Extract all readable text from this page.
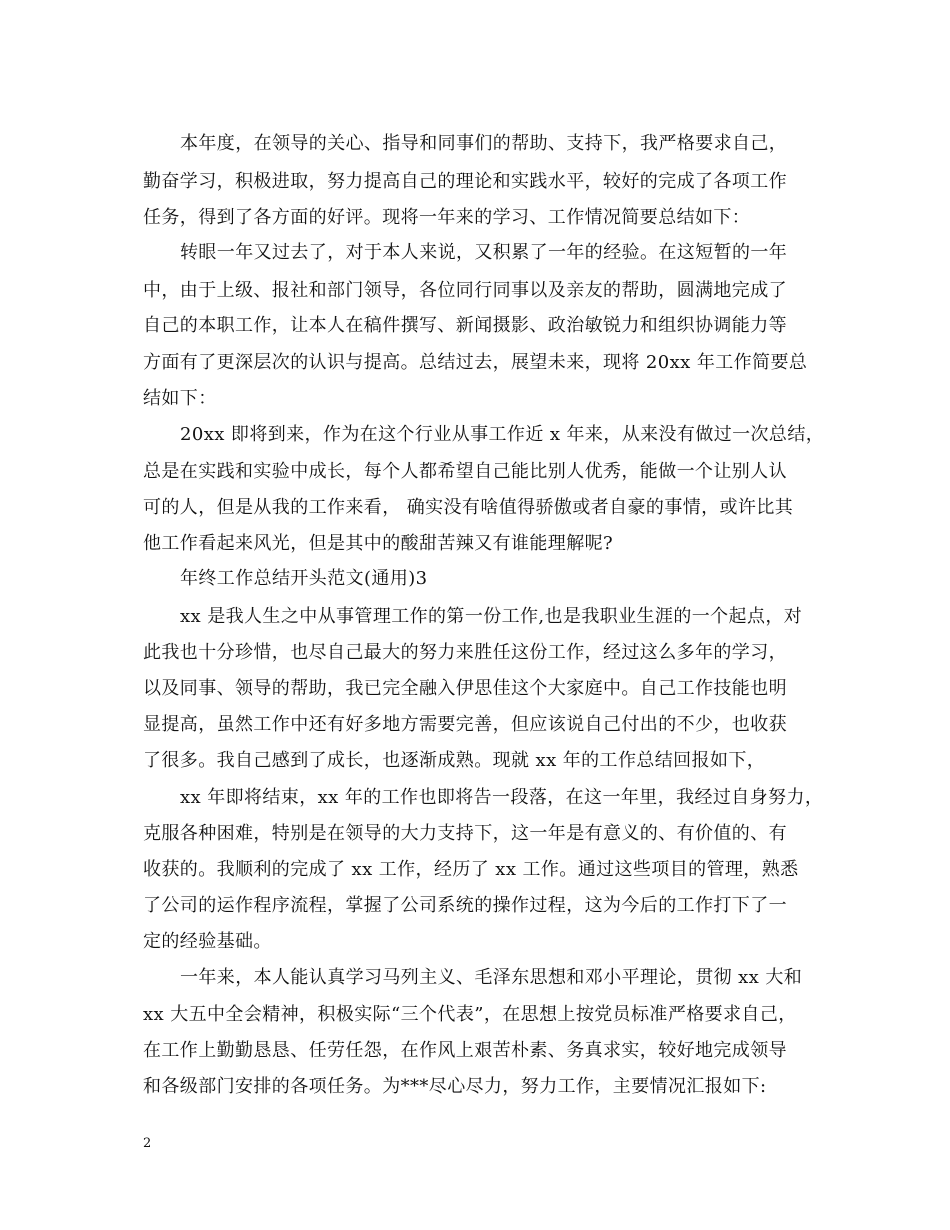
本年度，在领导的关心、指导和同事们的帮助、支持下，我严格要求自己，
勤奋学习，积极进取，努力提高自己的理论和实践水平，较好的完成了各项工作
任务，得到了各方面的好评。现将一年来的学习、工作情况简要总结如下：
转眼一年又过去了，对于本人来说，又积累了一年的经验。在这短暂的一年
中，由于上级、报社和部门领导，各位同行同事以及亲友的帮助，圆满地完成了
自己的本职工作，让本人在稿件撰写、新闻摄影、政治敏锐力和组织协调能力等
方面有了更深层次的认识与提高。总结过去，展望未来，现将 20xx 年工作简要总
结如下：
20xx 即将到来，作为在这个行业从事工作近 x 年来，从来没有做过一次总结，
总是在实践和实验中成长，每个人都希望自己能比别人优秀，能做一个让别人认
可的人，但是从我的工作来看， 确实没有啥值得骄傲或者自豪的事情，或许比其
他工作看起来风光，但是其中的酸甜苦辣又有谁能理解呢?
年终工作总结开头范文(通用)3
xx 是我人生之中从事管理工作的第一份工作,也是我职业生涯的一个起点，对
此我也十分珍惜，也尽自己最大的努力来胜任这份工作，经过这么多年的学习，
以及同事、领导的帮助，我已完全融入伊思佳这个大家庭中。自己工作技能也明
显提高，虽然工作中还有好多地方需要完善，但应该说自己付出的不少，也收获
了很多。我自己感到了成长，也逐渐成熟。现就 xx 年的工作总结回报如下，
xx 年即将结束，xx 年的工作也即将告一段落，在这一年里，我经过自身努力，
克服各种困难，特别是在领导的大力支持下，这一年是有意义的、有价值的、有
收获的。我顺利的完成了 xx 工作，经历了 xx 工作。通过这些项目的管理，熟悉
了公司的运作程序流程，掌握了公司系统的操作过程，这为今后的工作打下了一
定的经验基础。
一年来，本人能认真学习马列主义、毛泽东思想和邓小平理论，贯彻 xx 大和
xx 大五中全会精神，积极实际“三个代表”，在思想上按党员标准严格要求自己，
在工作上勤勤恳恳、任劳任怨，在作风上艰苦朴素、务真求实，较好地完成领导
和各级部门安排的各项任务。为***尽心尽力，努力工作，主要情况汇报如下:
2
